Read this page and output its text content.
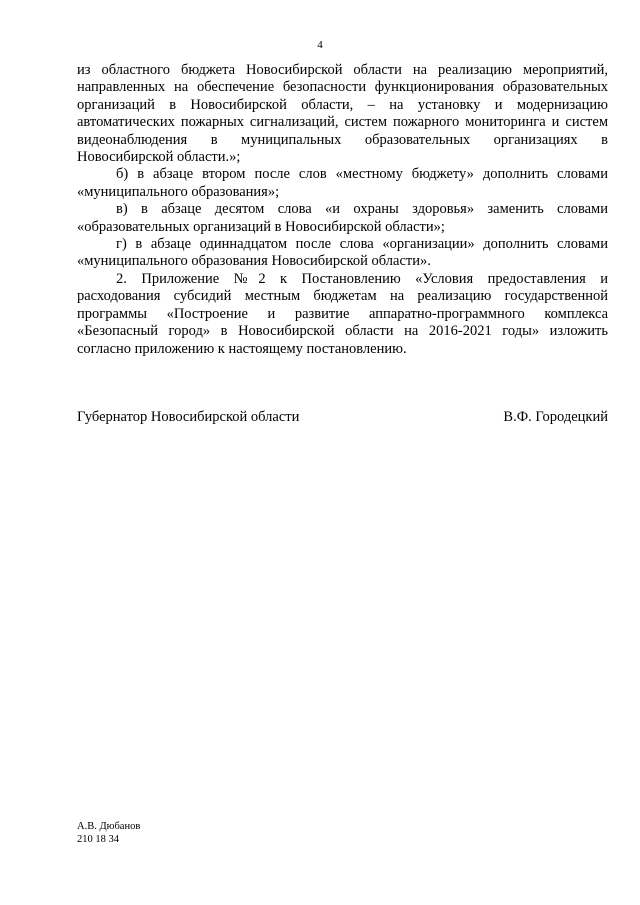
4

из областного бюджета Новосибирской области на реализацию мероприятий, направленных на обеспечение безопасности функционирования образовательных организаций в Новосибирской области, – на установку и модернизацию автоматических пожарных сигнализаций, систем пожарного мониторинга и систем видеонаблюдения в муниципальных образовательных организациях в Новосибирской области.»;

б) в абзаце втором после слов «местному бюджету» дополнить словами «муниципального образования»;

в) в абзаце десятом слова «и охраны здоровья» заменить словами «образовательных организаций в Новосибирской области»;

г) в абзаце одиннадцатом после слова «организации» дополнить словами «муниципального образования Новосибирской области».

2. Приложение №2 к Постановлению «Условия предоставления и расходования субсидий местным бюджетам на реализацию государственной программы «Построение и развитие аппаратно-программного комплекса «Безопасный город» в Новосибирской области на 2016-2021 годы» изложить согласно приложению к настоящему постановлению.

Губернатор Новосибирской области	В.Ф. Городецкий
А.В. Дюбанов
210 18 34
